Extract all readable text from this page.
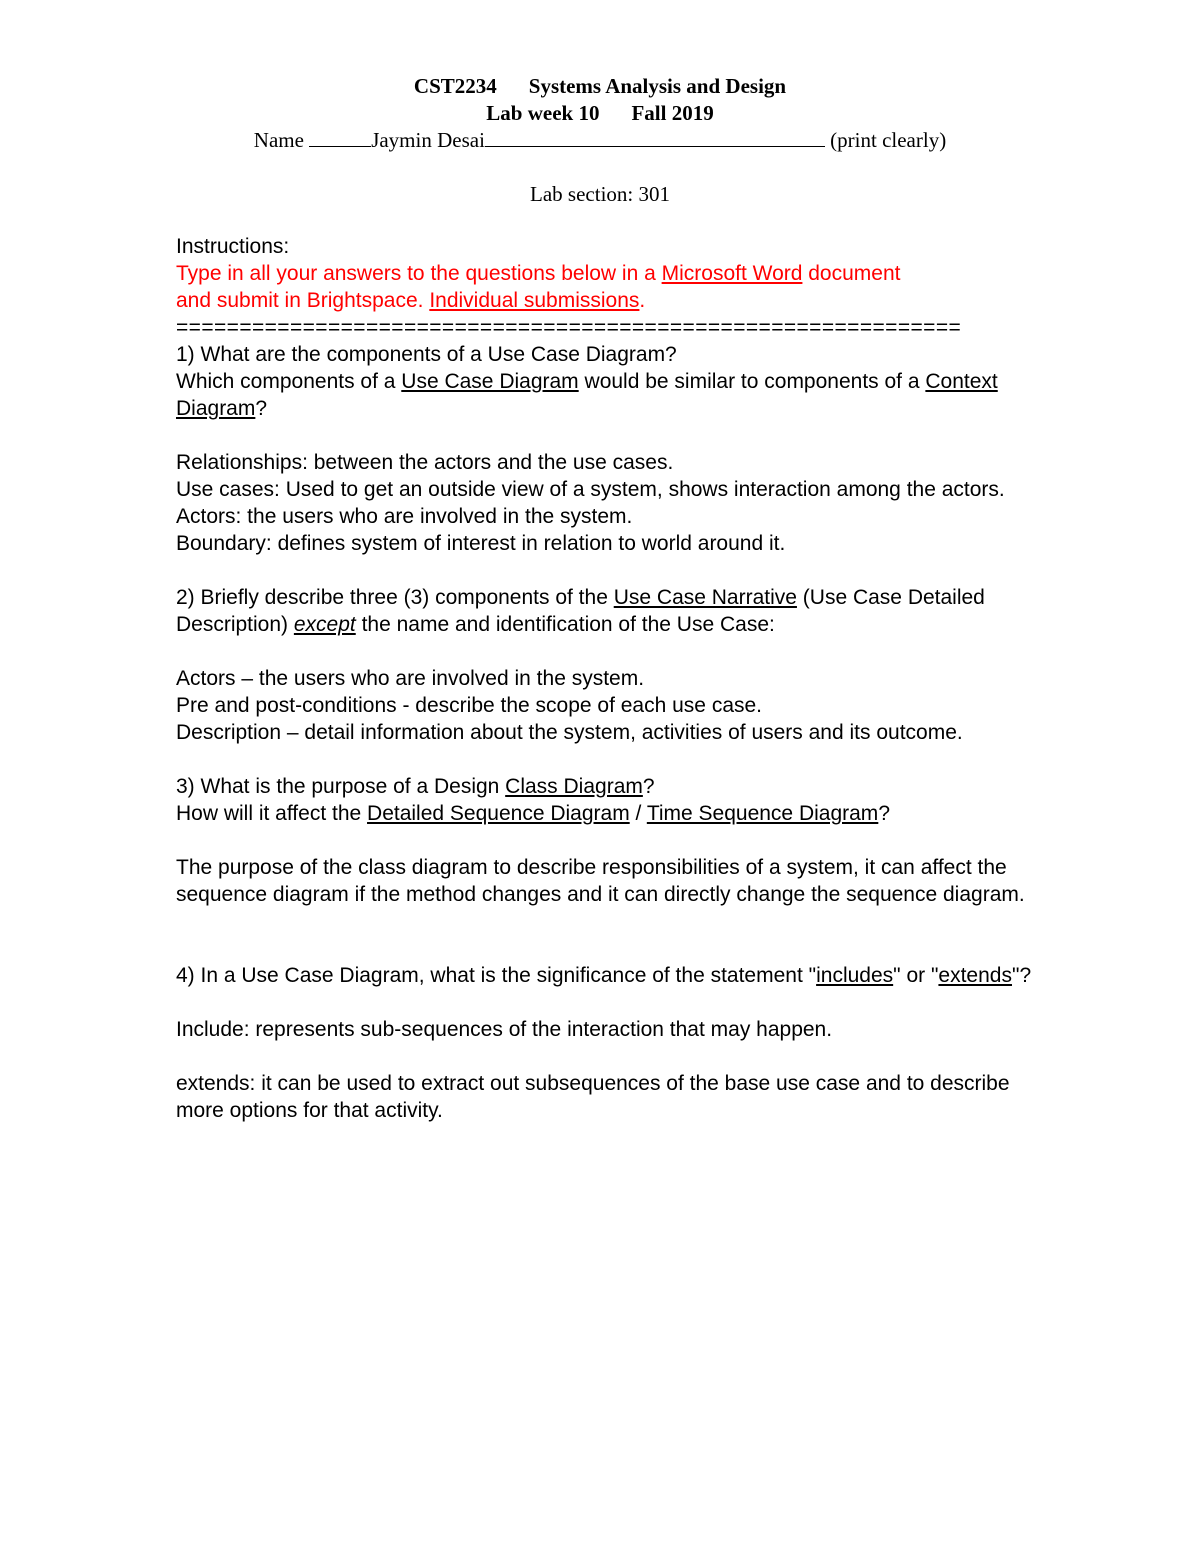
CST2234 Systems Analysis and Design
Lab week 10 Fall 2019
Name	Jaymin Desai	(print clearly)
Lab section: 301

Instructions:

Type in all your answers to the questions below in a Microsoft Word document

and submit in Brightspace. Individual submissions.

==============================================================

1) What are the components of a Use Case Diagram?

Which components of a Use Case Diagram would be similar to components of a Context Diagram?

Relationships: between the actors and the use cases.

Use cases: Used to get an outside view of a system, shows interaction among the actors.

Actors: the users who are involved in the system.

Boundary: defines system of interest in relation to world around it.

2) Briefly describe three (3) components of the Use Case Narrative (Use Case Detailed Description) except the name and identification of the Use Case:

Actors – the users who are involved in the system.

Pre and post-conditions - describe the scope of each use case.

Description – detail information about the system, activities of users and its outcome.

3) What is the purpose of a Design Class Diagram?

How will it affect the Detailed Sequence Diagram / Time Sequence Diagram?

The purpose of the class diagram to describe responsibilities of a system, it can affect the sequence diagram if the method changes and it can directly change the sequence diagram.

4) In a Use Case Diagram, what is the significance of the statement "includes" or "extends"?

Include: represents sub-sequences of the interaction that may happen.

extends: it can be used to extract out subsequences of the base use case and to describe more options for that activity.
